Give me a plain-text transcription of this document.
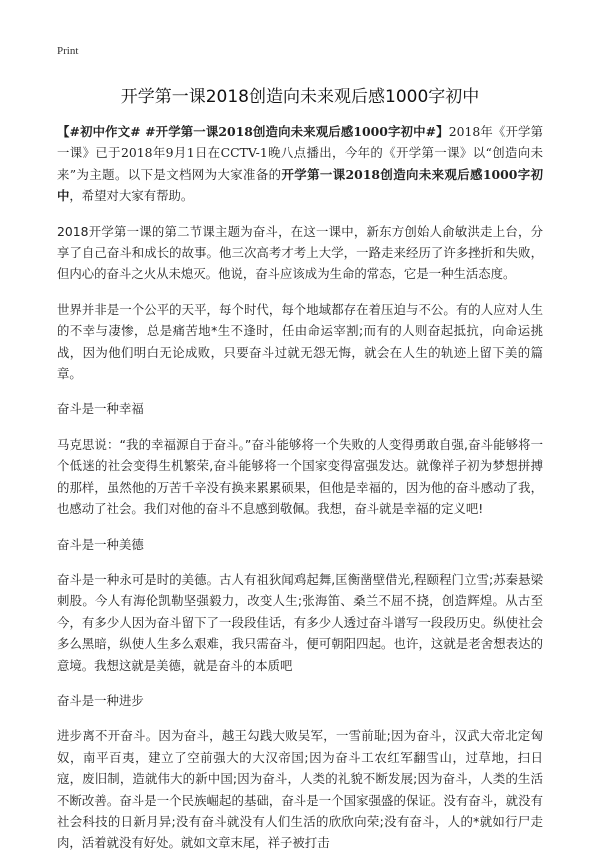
Print
开学第一课2018创造向未来观后感1000字初中

【#初中作文# #开学第一课2018创造向未来观后感1000字初中#】2018年《开学第一课》已于2018年9月1日在CCTV-1晚八点播出，今年的《开学第一课》以“创造向未来”为主题。以下是文档网为大家准备的开学第一课2018创造向未来观后感1000字初中，希望对大家有帮助。

2018开学第一课的第二节课主题为奋斗，在这一课中，新东方创始人俞敏洪走上台，分享了自己奋斗和成长的故事。他三次高考才考上大学，一路走来经历了许多挫折和失败，但内心的奋斗之火从未熄灭。他说，奋斗应该成为生命的常态，它是一种生活态度。

世界并非是一个公平的天平，每个时代，每个地域都存在着压迫与不公。有的人应对人生的不幸与凄惨，总是痛苦地*生不逢时，任由命运宰割;而有的人则奋起抵抗，向命运挑战，因为他们明白无论成败，只要奋斗过就无怨无悔，就会在人生的轨迹上留下美的篇章。

奋斗是一种幸福

马克思说：“我的幸福源自于奋斗。”奋斗能够将一个失败的人变得勇敢自强,奋斗能够将一个低迷的社会变得生机繁荣,奋斗能够将一个国家变得富强发达。就像祥子初为梦想拼搏的那样，虽然他的万苦千辛没有换来累累硕果，但他是幸福的，因为他的奋斗感动了我，也感动了社会。我们对他的奋斗不息感到敬佩。我想，奋斗就是幸福的定义吧!

奋斗是一种美德

奋斗是一种永可是时的美德。古人有祖狄闻鸡起舞,匡衡凿壁借光,程颐程门立雪;苏秦悬梁刺股。今人有海伦凯勒坚强毅力，改变人生;张海笛、桑兰不屈不挠，创造辉煌。从古至今，有多少人因为奋斗留下了一段段佳话，有多少人透过奋斗谱写一段段历史。纵使社会多么黑暗，纵使人生多么艰难，我只需奋斗，便可朝阳四起。也许，这就是老舍想表达的意境。我想这就是美德，就是奋斗的本质吧

奋斗是一种进步

进步离不开奋斗。因为奋斗，越王勾践大败吴军，一雪前耻;因为奋斗，汉武大帝北定匈奴，南平百夷，建立了空前强大的大汉帝国;因为奋斗工农红军翻雪山，过草地，扫日寇，废旧制，造就伟大的新中国;因为奋斗，人类的礼貌不断发展;因为奋斗，人类的生活不断改善。奋斗是一个民族崛起的基础，奋斗是一个国家强盛的保证。没有奋斗，就没有社会科技的日新月异;没有奋斗就没有人们生活的欣欣向荣;没有奋斗，人的*就如行尸走肉，活着就没有好处。就如文章末尾，祥子被打击
